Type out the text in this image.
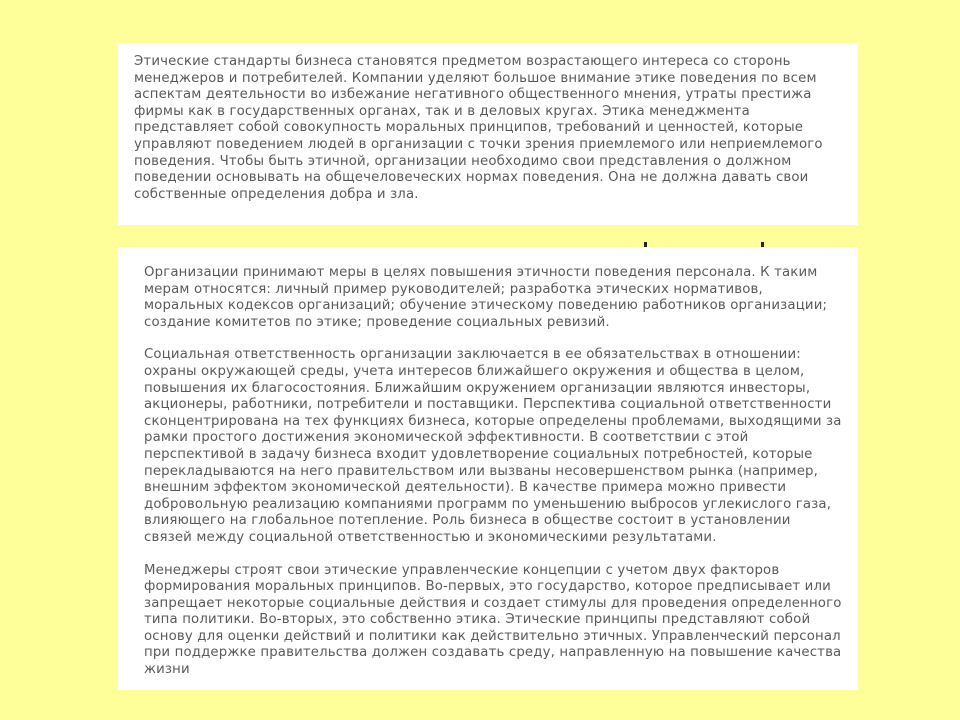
Этические стандарты бизнеса становятся предметом возрастающего интереса со сторонь менеджеров и потребителей. Компании уделяют большое внимание этике поведения по всем аспектам деятельности во избежание негативного общественного мнения, утраты престижа фирмы как в государственных органах, так и в деловых кругах. Этика менеджмента представляет собой совокупность моральных принципов, требований и ценностей, которые управляют поведением людей в организации с точки зрения приемлемого или неприемлемого поведения. Чтобы быть этичной, организации необходимо свои представления о должном поведении основывать на общечеловеческих нормах поведения. Она не должна давать свои собственные определения добра и зла.

Организации принимают меры в целях повышения этичности поведения персонала. К таким мерам относятся: личный пример руководителей; разработка этических нормативов, моральных кодексов организаций; обучение этическому поведению работников организации; создание комитетов по этике; проведение социальных ревизий.

Социальная ответственность организации заключается в ее обязательствах в отношении: охраны окружающей среды, учета интересов ближайшего окружения и общества в целом, повышения их благосостояния. Ближайшим окружением организации являются инвесторы, акционеры, работники, потребители и поставщики. Перспектива социальной ответственности сконцентрирована на тех функциях бизнеса, которые определены проблемами, выходящими за рамки простого достижения экономической эффективности. В соответствии с этой перспективой в задачу бизнеса входит удовлетворение социальных потребностей, которые перекладываются на него правительством или вызваны несовершенством рынка (например, внешним эффектом экономической деятельности). В качестве примера можно привести добровольную реализацию компаниями программ по уменьшению выбросов углекислого газа, влияющего на глобальное потепление. Роль бизнеса в обществе состоит в установлении связей между социальной ответственностью и экономическими результатами.

Менеджеры строят свои этические управленческие концепции с учетом двух факторов формирования моральных принципов. Во-первых, это государство, которое предписывает или запрещает некоторые социальные действия и создает стимулы для проведения определенного типа политики. Во-вторых, это собственно этика. Этические принципы представляют собой основу для оценки действий и политики как действительно этичных. Управленческий персонал при поддержке правительства должен создавать среду, направленную на повышение качества жизни
